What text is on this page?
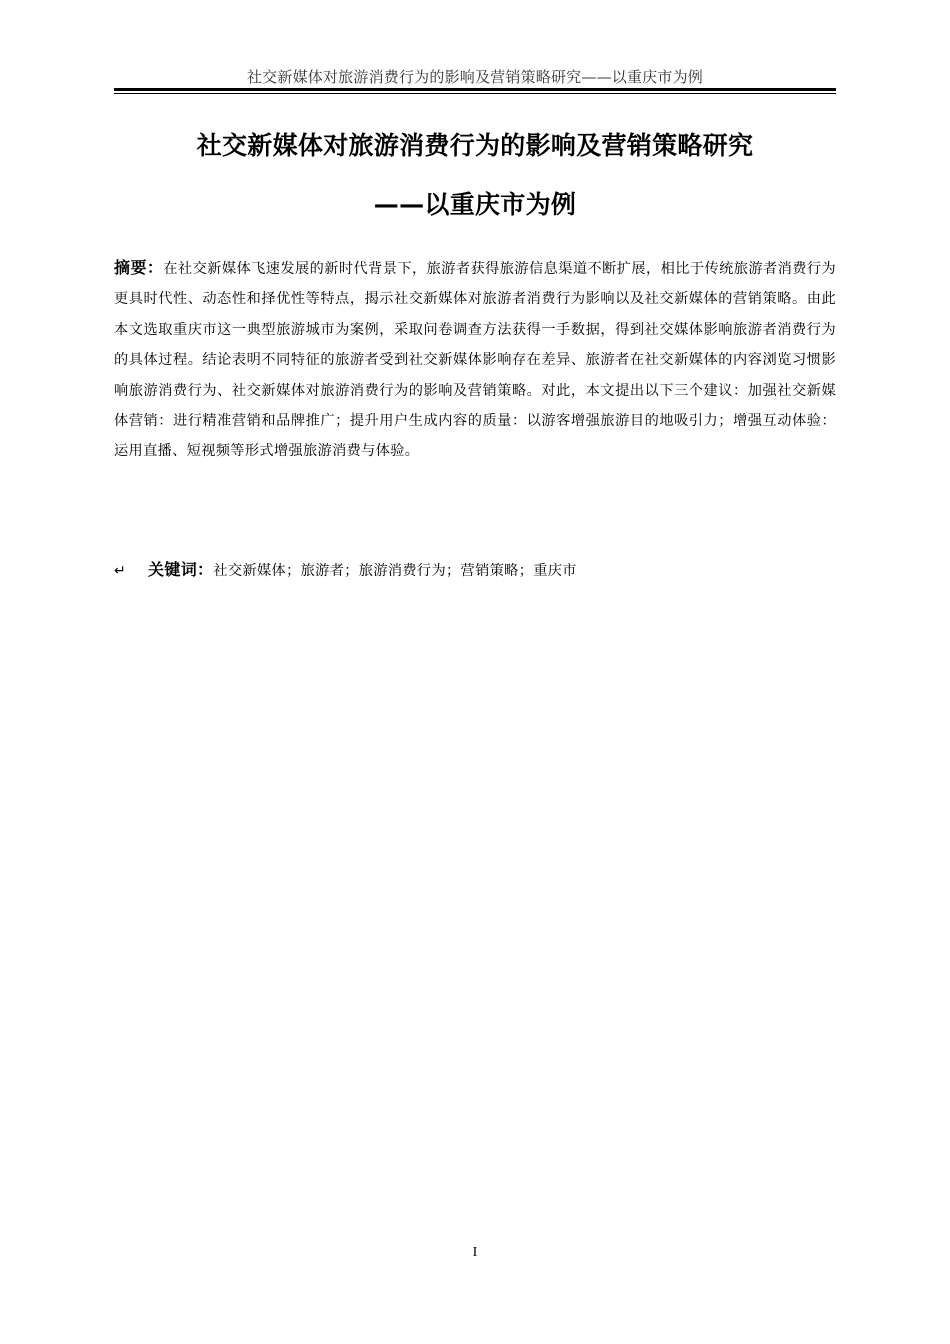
社交新媒体对旅游消费行为的影响及营销策略研究——以重庆市为例
社交新媒体对旅游消费行为的影响及营销策略研究
——以重庆市为例
摘要：在社交新媒体飞速发展的新时代背景下，旅游者获得旅游信息渠道不断扩展，相比于传统旅游者消费行为更具时代性、动态性和择优性等特点，揭示社交新媒体对旅游者消费行为影响以及社交新媒体的营销策略。由此本文选取重庆市这一典型旅游城市为案例，采取问卷调查方法获得一手数据，得到社交媒体影响旅游者消费行为的具体过程。结论表明不同特征的旅游者受到社交新媒体影响存在差异、旅游者在社交新媒体的内容浏览习惯影响旅游消费行为、社交新媒体对旅游消费行为的影响及营销策略。对此，本文提出以下三个建议：加强社交新媒体营销：进行精准营销和品牌推广；提升用户生成内容的质量：以游客增强旅游目的地吸引力；增强互动体验：运用直播、短视频等形式增强旅游消费与体验。
↵ 关键词：社交新媒体；旅游者；旅游消费行为；营销策略；重庆市
I
